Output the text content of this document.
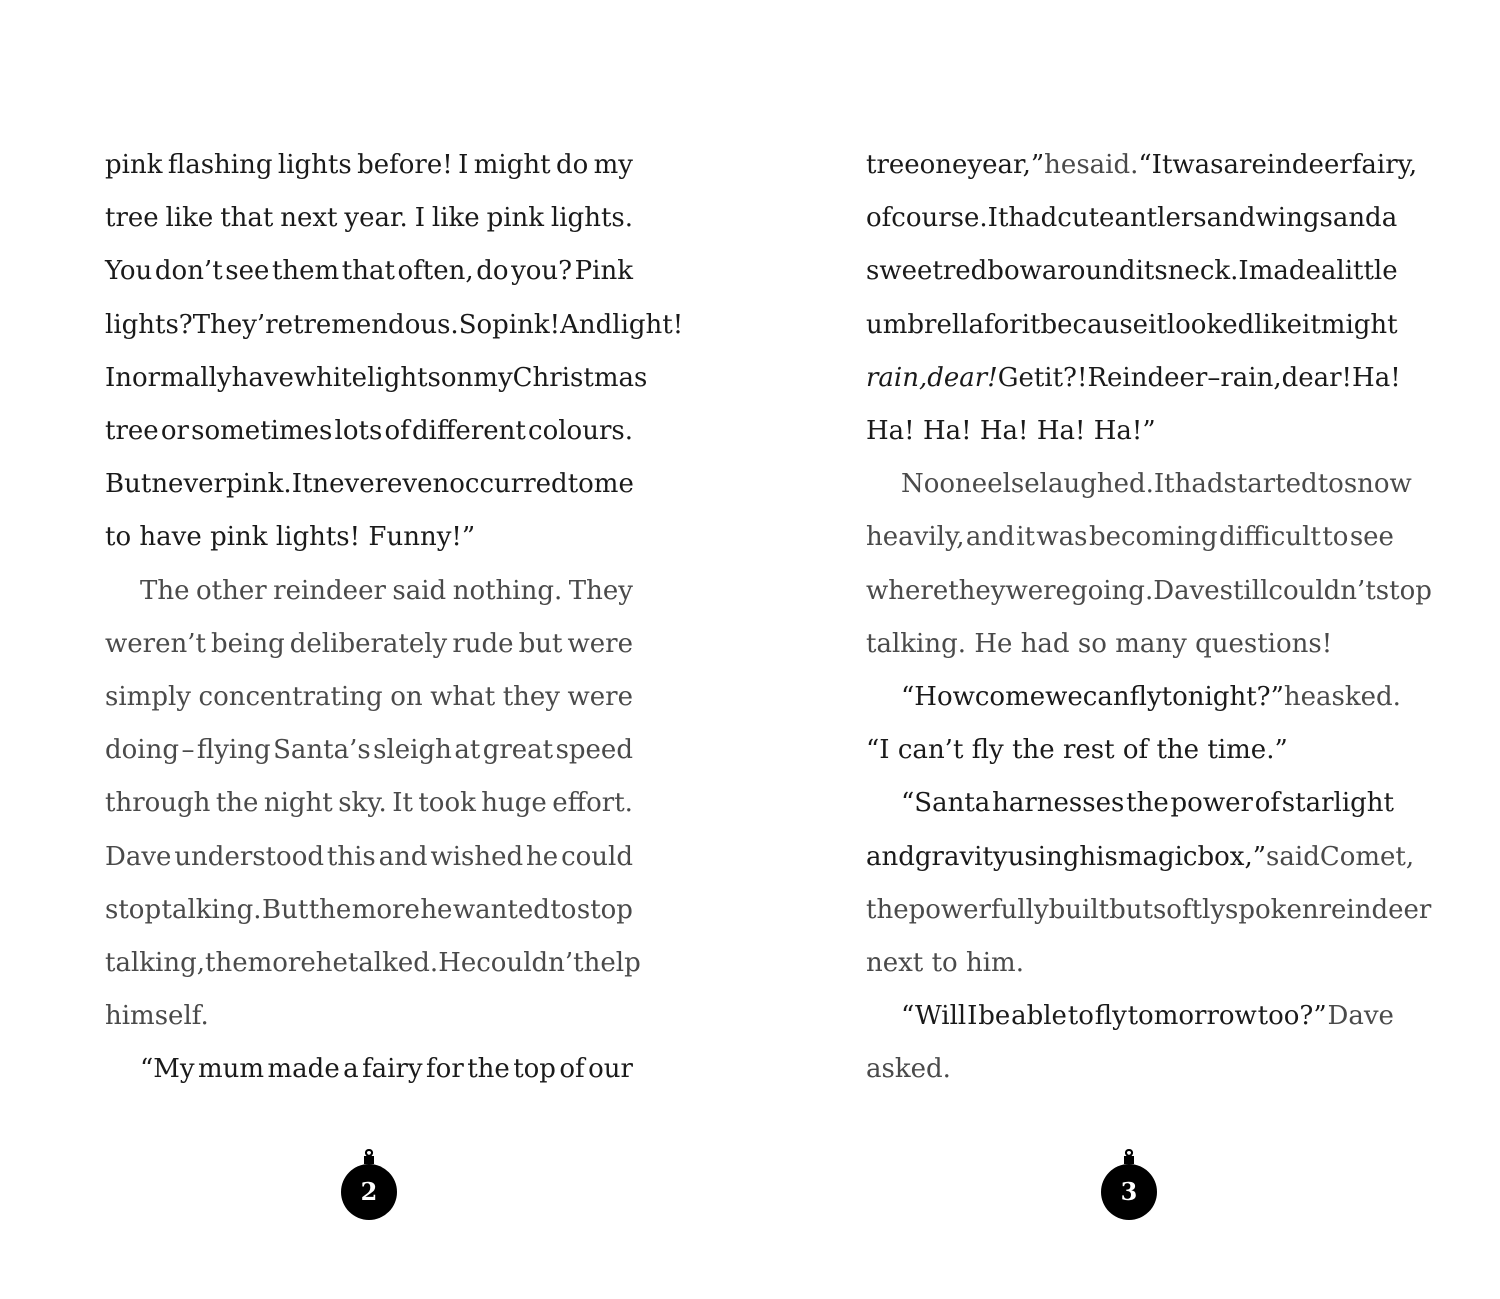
pink flashing lights before! I might do my
tree like that next year. I like pink lights.
You don’t see them that often, do you? Pink
lights? They’re tremendous. So pink! And light!
I normally have white lights on my Christmas
tree or sometimes lots of different colours.
But never pink. It never even occurred to me
to have pink lights! Funny!”
The other reindeer said nothing. They
weren’t being deliberately rude but were
simply concentrating on what they were
doing – flying Santa’s sleigh at great speed
through the night sky. It took huge effort.
Dave understood this and wished he could
stop talking. But the more he wanted to stop
talking, the more he talked. He couldn’t help
himself.
“My mum made a fairy for the top of our
2
tree one year,” he said. “It was a reindeer fairy,
of course. It had cute antlers and wings and a
sweet red bow around its neck. I made a little
umbrella for it because it looked like it might
rain, dear! Get it?! Reindeer – rain, dear! Ha!
Ha! Ha! Ha! Ha! Ha!”
No one else laughed. It had started to snow
heavily, and it was becoming difficult to see
where they were going. Dave still couldn’t stop
talking. He had so many questions!
“How come we can fly tonight?” he asked.
“I can’t fly the rest of the time.”
“Santa harnesses the power of starlight
and gravity using his magic box,” said Comet,
the powerfully built but softly spoken reindeer
next to him.
“Will I be able to fly tomorrow too?” Dave
asked.
3
